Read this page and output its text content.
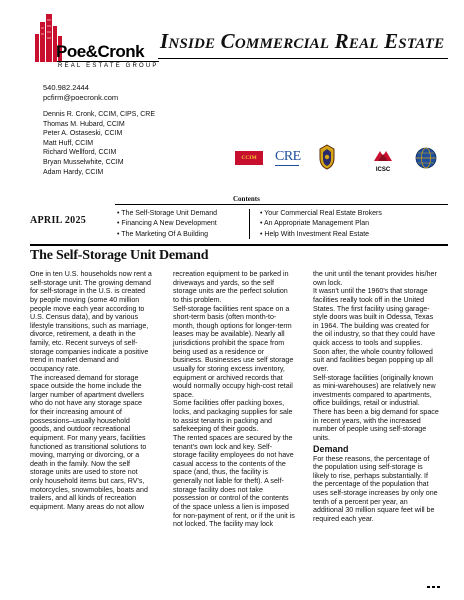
Poe&Cronk
REAL ESTATE GROUP
Inside Commercial Real Estate
540.982.2444
pcfirm@poecronk.com
Dennis R. Cronk, CCIM, CIPS, CRE
Thomas M. Hubard, CCIM
Peter A. Ostaseski, CCIM
Matt Huff, CCIM
Richard Wellford, CCIM
Bryan Musselwhite, CCIM
Adam Hardy, CCIM
CCIM	CRE
ICSC
Contents
APRIL 2025
• The Self-Storage Unit Demand
• Financing A New Development
• The Marketing Of A Building
• Your Commercial Real Estate Brokers
• An Appropriate Management Plan
• Help With Investment Real Estate
The Self-Storage Unit Demand

One in ten U.S. households now rent a self-storage unit. The growing demand for self-storage in the U.S. is created by people moving (some 40 million people move each year according to U.S. Census data), and by various lifestyle transitions, such as marriage, divorce, retirement, a death in the family, etc. Recent surveys of self-storage companies indicate a positive trend in market demand and occupancy rate.

The increased demand for storage space outside the home include the larger number of apartment dwellers who do not have any storage space for their increasing amount of possessions–usually household goods, and outdoor recreational equipment. For many years, facilities functioned as transitional solutions to moving, marrying or divorcing, or a death in the family. Now the self storage units are used to store not only household items but cars, RV's, motorcycles, snowmobiles, boats and trailers, and all kinds of recreation equipment. Many areas do not allow

recreation equipment to be parked in driveways and yards, so the self storage units are the perfect solution to this problem.

Self-storage facilities rent space on a short-term basis (often month-to-month, though options for longer-term leases may be available). Nearly all jurisdictions prohibit the space from being used as a residence or business. Businesses use self storage usually for storing excess inventory, equipment or archived records that would normally occupy high-cost retail space.

Some facilities offer packing boxes, locks, and packaging supplies for sale to assist tenants in packing and safekeeping of their goods.

The rented spaces are secured by the tenant's own lock and key. Self-storage facility employees do not have casual access to the contents of the space (and, thus, the facility is generally not liable for theft). A self-storage facility does not take possession or control of the contents of the space unless a lien is imposed for non-payment of rent, or if the unit is not locked. The facility may lock

the unit until the tenant provides his/her own lock.

It wasn't until the 1960's that storage facilities really took off in the United States. The first facility using garage-style doors was built in Odessa, Texas in 1964. The building was created for the oil industry, so that they could have quick access to tools and supplies. Soon after, the whole country followed suit and facilities began popping up all over.

Self-storage facilities (originally known as mini-warehouses) are relatively new investments compared to apartments, office buildings, retail or industrial. There has been a big demand for space in recent years, with the increased number of people using self-storage units.

Demand

For these reasons, the percentage of the population using self-storage is likely to rise, perhaps substantially. If the percentage of the population that uses self-storage increases by only one tenth of a percent per year, an additional 30 million square feet will be required each year.
